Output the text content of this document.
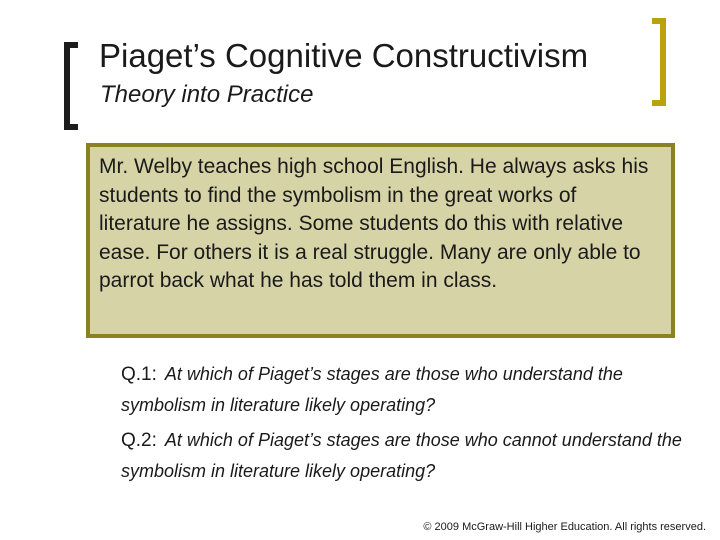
Piaget’s Cognitive Constructivism
Theory into Practice

Mr. Welby teaches high school English. He always asks his students to find the symbolism in the great works of literature he assigns. Some students do this with relative ease. For others it is a real struggle. Many are only able to parrot back what he has told them in class.

Q.1: At which of Piaget’s stages are those who understand the symbolism in literature likely operating?
Q.2: At which of Piaget’s stages are those who cannot understand the symbolism in literature likely operating?
© 2009 McGraw-Hill Higher Education. All rights reserved.
